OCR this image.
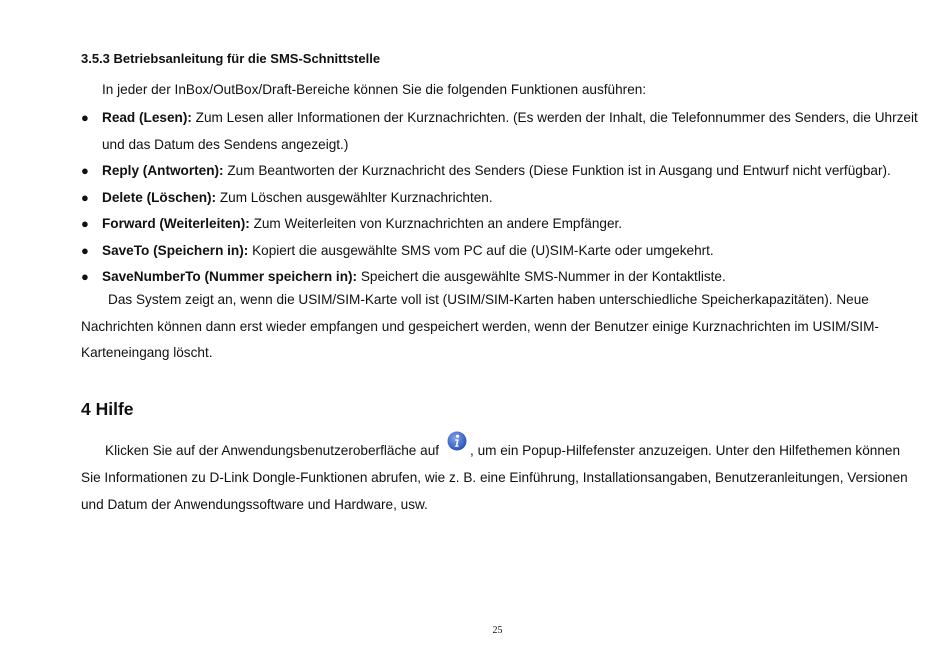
3.5.3 Betriebsanleitung für die SMS-Schnittstelle

In jeder der InBox/OutBox/Draft-Bereiche können Sie die folgenden Funktionen ausführen:

● Read (Lesen): Zum Lesen aller Informationen der Kurznachrichten. (Es werden der Inhalt, die Telefonnummer des Senders, die Uhrzeit und das Datum des Sendens angezeigt.)
● Reply (Antworten): Zum Beantworten der Kurznachricht des Senders (Diese Funktion ist in Ausgang und Entwurf nicht verfügbar).
● Delete (Löschen): Zum Löschen ausgewählter Kurznachrichten.
● Forward (Weiterleiten): Zum Weiterleiten von Kurznachrichten an andere Empfänger.
● SaveTo (Speichern in): Kopiert die ausgewählte SMS vom PC auf die (U)SIM-Karte oder umgekehrt.
● SaveNumberTo (Nummer speichern in): Speichert die ausgewählte SMS-Nummer in der Kontaktliste.
Das System zeigt an, wenn die USIM/SIM-Karte voll ist (USIM/SIM-Karten haben unterschiedliche Speicherkapazitäten). Neue
Nachrichten können dann erst wieder empfangen und gespeichert werden, wenn der Benutzer einige Kurznachrichten im USIM/SIM-Karteneingang löscht.
4 Hilfe
Klicken Sie auf der Anwendungsbenutzeroberfläche auf , um ein Popup-Hilfefenster anzuzeigen. Unter den Hilfethemen können
Sie Informationen zu D-Link Dongle-Funktionen abrufen, wie z. B. eine Einführung, Installationsangaben, Benutzeranleitungen, Versionen und Datum der Anwendungssoftware und Hardware, usw.

25
